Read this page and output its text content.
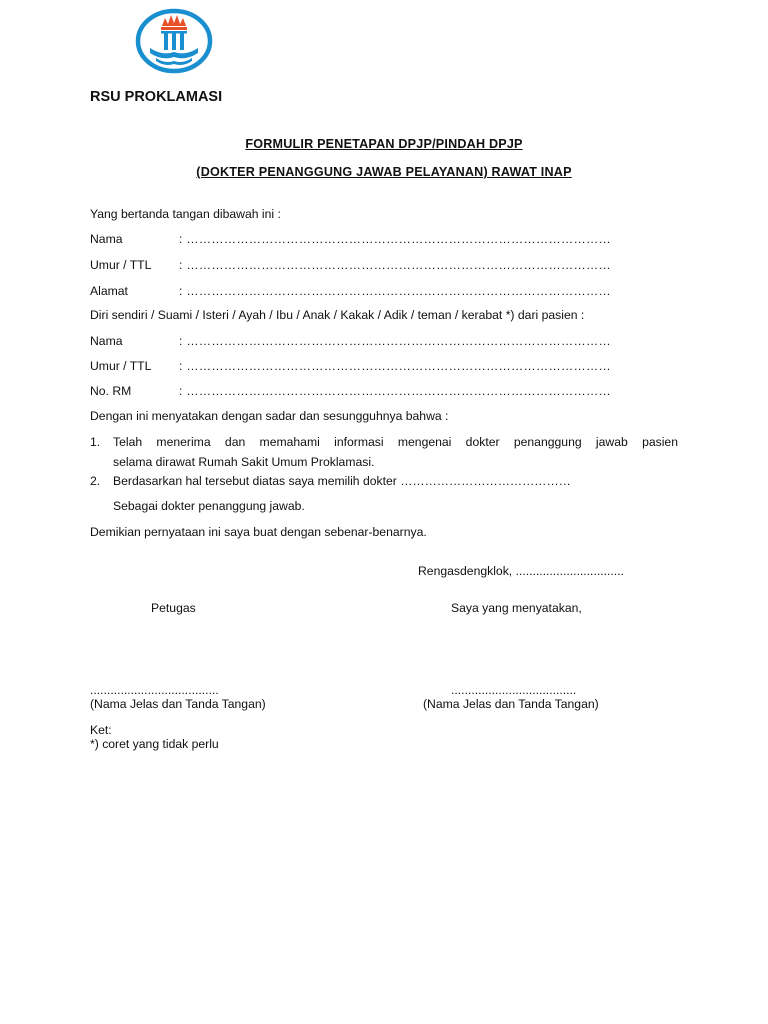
RSU PROKLAMASI
FORMULIR PENETAPAN DPJP/PINDAH DPJP
(DOKTER PENANGGUNG JAWAB PELAYANAN) RAWAT INAP
Yang bertanda tangan dibawah ini :
Nama	: …………………………………………………………………………………………
Umur / TTL : …………………………………………………………………………………………
Alamat	: …………………………………………………………………………………………
Diri sendiri / Suami / Isteri / Ayah / Ibu / Anak / Kakak / Adik / teman / kerabat *) dari pasien :
Nama	: …………………………………………………………………………………………
Umur / TTL : …………………………………………………………………………………………
No. RM	: …………………………………………………………………………………………
Dengan ini menyatakan dengan sadar dan sesungguhnya bahwa :
1. Telah menerima dan memahami informasi mengenai dokter penanggung jawab pasien
selama dirawat Rumah Sakit Umum Proklamasi.
2. Berdasarkan hal tersebut diatas saya memilih dokter ……………………………………
Sebagai dokter penanggung jawab.
Demikian pernyataan ini saya buat dengan sebenar-benarnya.
Rengasdengklok, ................................
Petugas	Saya yang menyatakan,
......................................	.....................................
(Nama Jelas dan Tanda Tangan)	(Nama Jelas dan Tanda Tangan)
Ket:
*) coret yang tidak perlu
